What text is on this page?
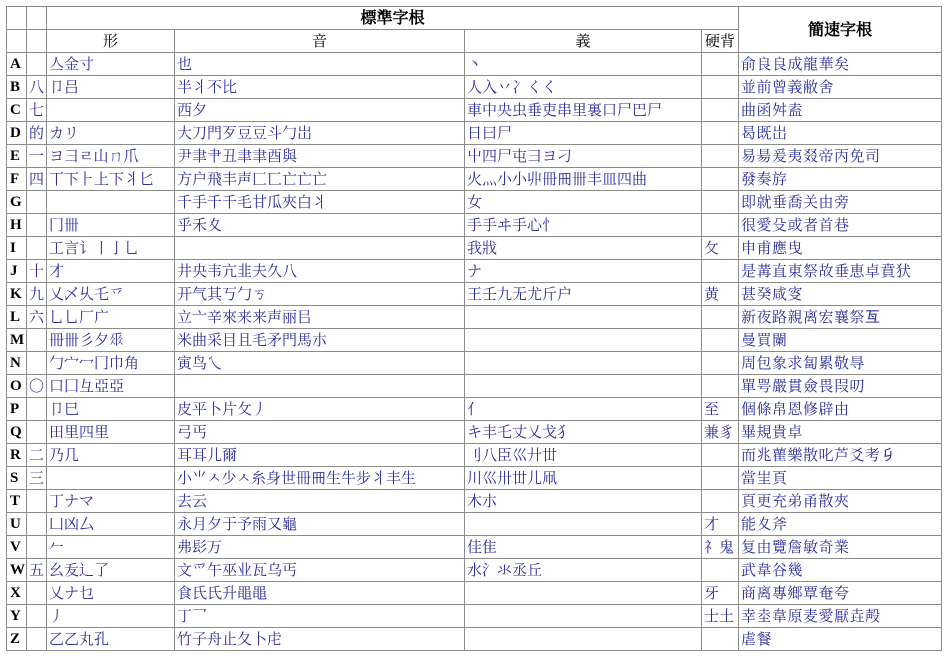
		標準字根				簡速字根
		形	音	義	硬背	
A		亼金寸	也	丶		俞良良成龍華矣
B	八	卩吕	半丬不比	人入丷冫くく		並前曾義敝舍
C	七		西夕	車中央虫垂吏串里裏口尸巴尸		曲函舛盍
D	的	カリ	大刀門歹豆豆斗勹岀	日曰尸		曷既岀
E	一	ヨ彐ㄹ山ㄇ爪	尹聿肀丑聿聿酉與	屮四尸屯彐ヨ刁		易昜爰夷叕帝丙免司
F	四	丅下⺊上下丬匕	方户飛丰声匚匸亡亡亡	火灬小小丱冊𠕁卌丰皿四曲		發奏斿
G			千手千千毛甘瓜夾白丬	女		即就垂喬关由旁
H		冂卌	乎禾夊	手手ヰ手心忄		很愛殳或者首巷
I		工言讠丨亅乚		我戕	攵	申甫應曳
J	十	才	井央韦亢韭夫久八	ナ		是冓直東祭故垂恵卓賁犾
K	九	乂乄乆乇乊	开气其丂勹ㄎ	王壬九无尤斤户	黄	甚癸咸叜
L	六	乚乚厂广	立亠辛來来来声丽㠯			新夜路親离宏襄祭𠀕
M		冊卌彡夕𠂹	米曲采目且毛矛門馬朩			曼買闌
N		勹宀冖冂巾角	寅鸟乀			周包象求匐累敬㝵
O	〇	口囗彑亞亞				單咢嚴貫僉畏叚叨
P		卩巳	皮平卜片攵丿	亻	至	個條帛恩修辟由
Q		田里四里	弓丐	キ丰乇丈乂戈犭	兼豸	畢規貴卓
R	二	乃几	耳耳儿爾	刂八臣巛廾丗		而兆雚樂散叱芦爻考𠂎
S	三		小⺌ㅅ少ㅅ糸身世冊𠕁生牛步丬丰生	川巛卅丗儿凧		當㞷頁
T		丁ナマ	去云	木朩		頁更充弟甬散夾
U		凵凶厶	永月夕于予雨又龜		才	能夊斧
V		𠂉	弗髟万	佳隹	礻鬼	复由覽詹敏奇業
W	五	幺叐辶了	文爫午巫业瓦乌丐	水氵氺丞丘		武韋谷幾
X		乂ナ乜	食氏氏升黽黽		牙	商离專鄉覃奄夸
Y		丿	丁乛		士土	幸坴韋原麦愛厭垚殸
Z		乙乙丸孔	竹子舟止夂卜虍			虐餐
